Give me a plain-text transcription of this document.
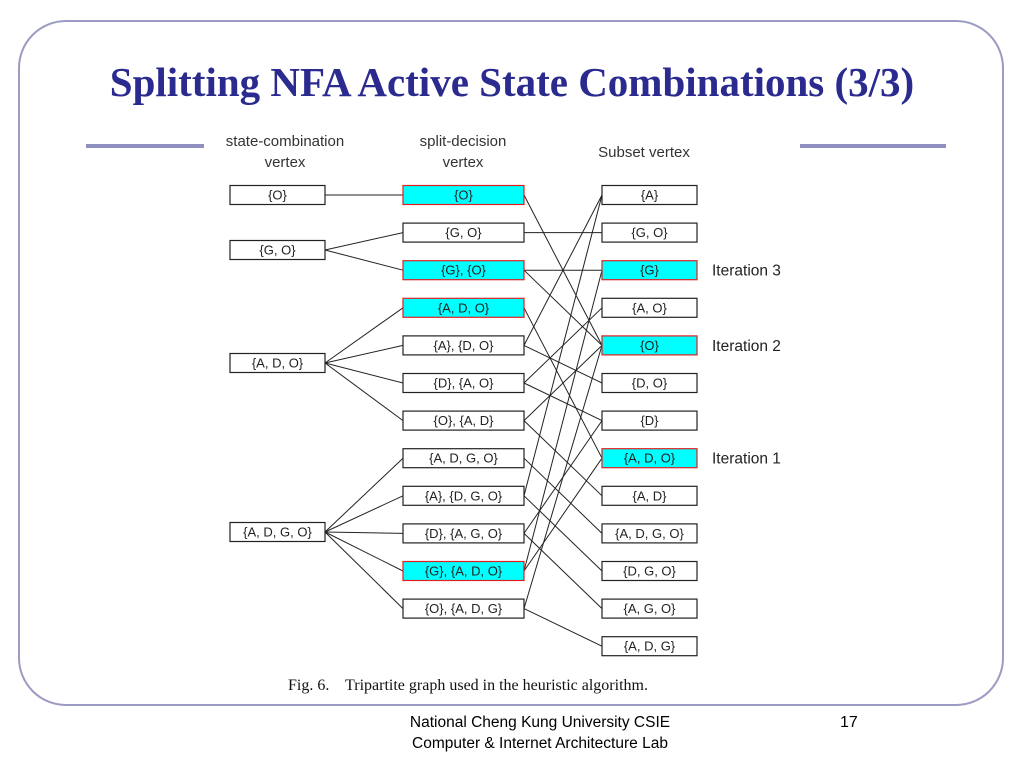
Splitting NFA Active State Combinations (3/3)
{O}
{G, O}
{A, D, O}
{A, D, G, O}
{O}
{G, O}
{G}, {O}
{A, D, O}
{A}, {D, O}
{D}, {A, O}
{O}, {A, D}
{A, D, G, O}
{A}, {D, G, O}
{D}, {A, G, O}
{G}, {A, D, O}
{O}, {A, D, G}
{A}
{G, O}
{G}
{A, O}
{O}
{D, O}
{D}
{A, D, O}
{A, D}
{A, D, G, O}
{D, G, O}
{A, G, O}
{A, D, G}
state-combination
vertex
split-decision
vertex
Subset vertex
Iteration 3
Iteration 2
Iteration 1
Fig. 6.    Tripartite graph used in the heuristic algorithm.
National Cheng Kung University CSIE
Computer & Internet Architecture Lab
17
